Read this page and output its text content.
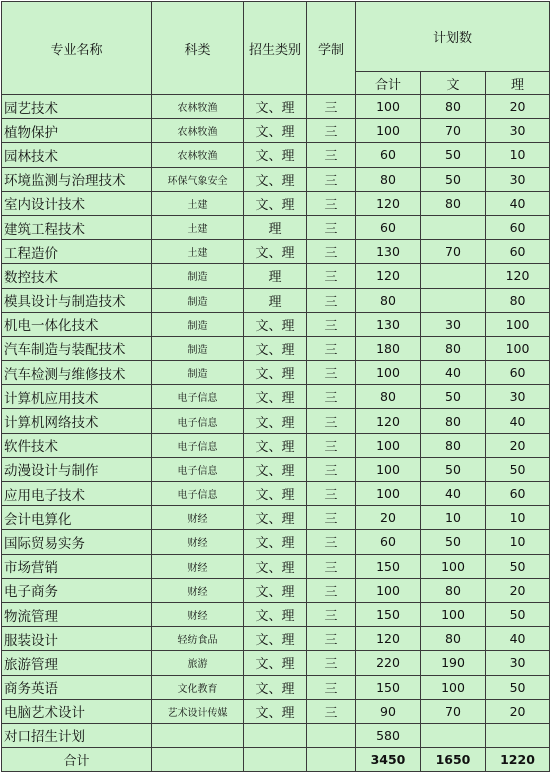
专业名称	科类	招生类别	学制	计划数		
				合计	文	理
园艺技术	农林牧渔	文、理	三	100	80	20
植物保护	农林牧渔	文、理	三	100	70	30
园林技术	农林牧渔	文、理	三	60	50	10
环境监测与治理技术	环保气象安全	文、理	三	80	50	30
室内设计技术	土建	文、理	三	120	80	40
建筑工程技术	土建	理	三	60		60
工程造价	土建	文、理	三	130	70	60
数控技术	制造	理	三	120		120
模具设计与制造技术	制造	理	三	80		80
机电一体化技术	制造	文、理	三	130	30	100
汽车制造与装配技术	制造	文、理	三	180	80	100
汽车检测与维修技术	制造	文、理	三	100	40	60
计算机应用技术	电子信息	文、理	三	80	50	30
计算机网络技术	电子信息	文、理	三	120	80	40
软件技术	电子信息	文、理	三	100	80	20
动漫设计与制作	电子信息	文、理	三	100	50	50
应用电子技术	电子信息	文、理	三	100	40	60
会计电算化	财经	文、理	三	20	10	10
国际贸易实务	财经	文、理	三	60	50	10
市场营销	财经	文、理	三	150	100	50
电子商务	财经	文、理	三	100	80	20
物流管理	财经	文、理	三	150	100	50
服装设计	轻纺食品	文、理	三	120	80	40
旅游管理	旅游	文、理	三	220	190	30
商务英语	文化教育	文、理	三	150	100	50
电脑艺术设计	艺术设计传媒	文、理	三	90	70	20
对口招生计划				580		
合计				3450	1650	1220
